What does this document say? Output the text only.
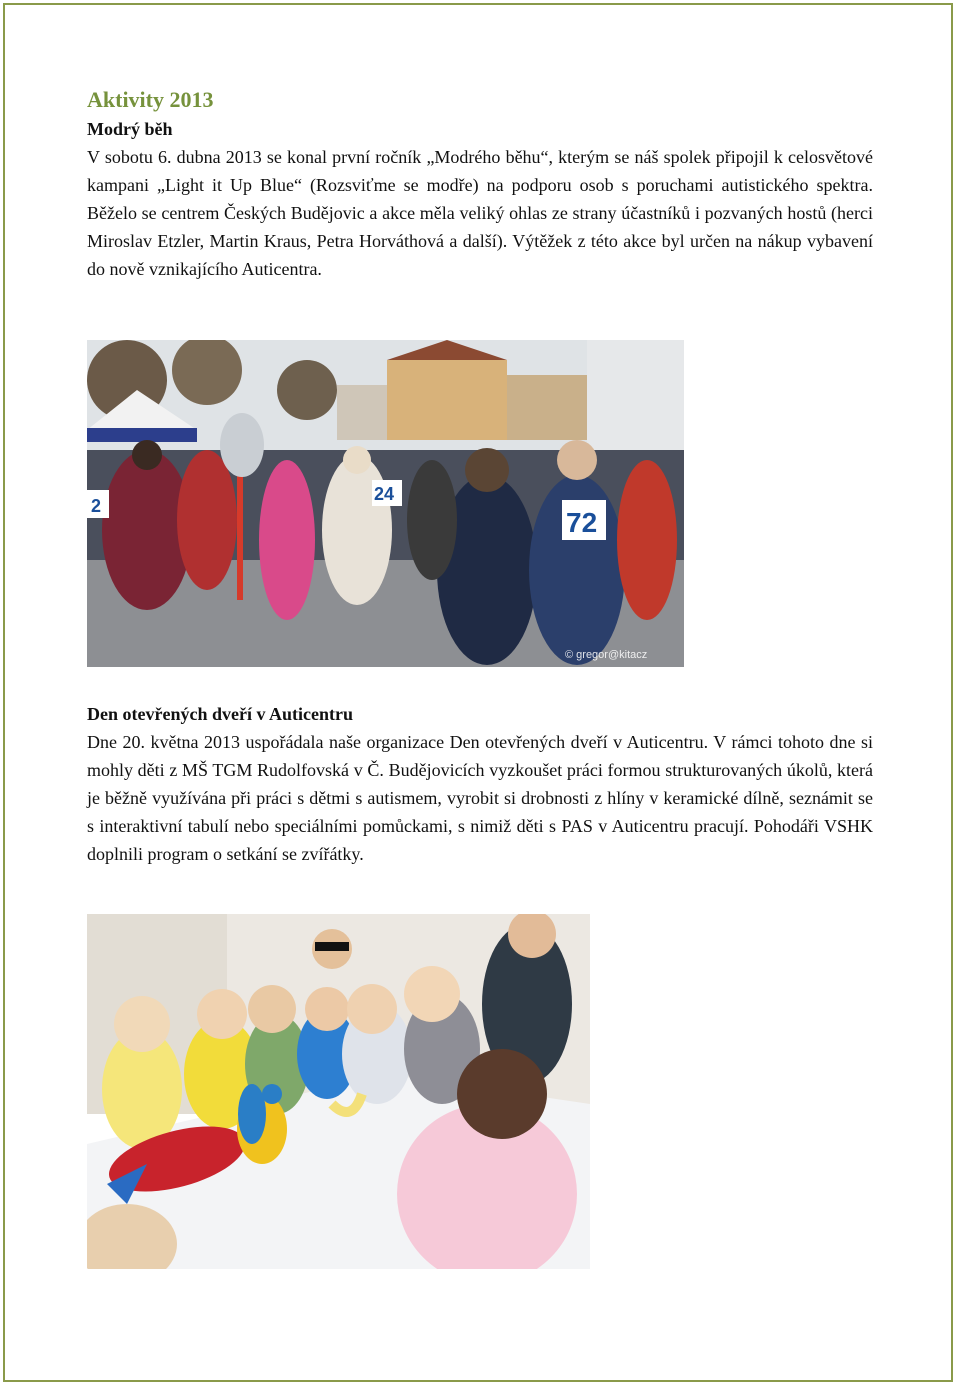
Aktivity 2013
Modrý běh

V sobotu 6. dubna 2013 se konal první ročník „Modrého běhu“, kterým se náš spolek připojil k celosvětové kampani „Light it Up Blue“ (Rozsviťme se modře) na podporu osob s poruchami autistického spektra. Běželo se centrem Českých Budějovic a akce měla veliký ohlas ze strany účastníků i pozvaných hostů (herci Miroslav Etzler, Martin Kraus, Petra Horváthová a další). Výtěžek z této akce byl určen na nákup vybavení do nově vznikajícího Auticentra.

2
24
72
© gregor@kitacz
Den otevřených dveří v Auticentru

Dne 20. května 2013 uspořádala naše organizace Den otevřených dveří v Auticentru. V rámci tohoto dne si mohly děti z MŠ TGM Rudolfovská v Č. Budějovicích vyzkoušet práci formou strukturovaných úkolů, která je běžně využívána při práci s dětmi s autismem, vyrobit si drobnosti z hlíny v keramické dílně, seznámit se s interaktivní tabulí nebo speciálními pomůckami, s nimiž děti s PAS v Auticentru pracují. Pohodáři VSHK doplnili program o setkání se zvířátky.
